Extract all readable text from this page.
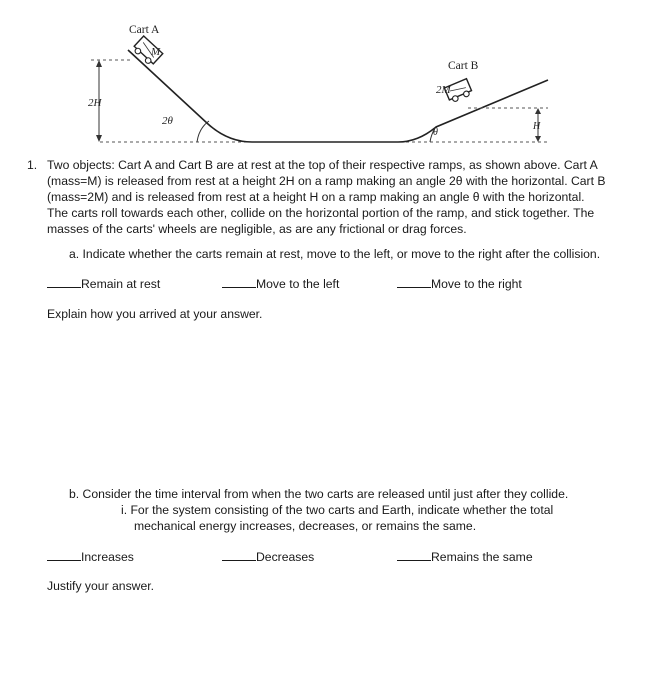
Cart A
M
Cart B
2M
2H
H
2θ
θ
1. Two objects: Cart A and Cart B are at rest at the top of their respective ramps, as shown above. Cart A
(mass=M) is released from rest at a height 2H on a ramp making an angle 2θ with the horizontal. Cart B
(mass=2M) and is released from rest at a height H on a ramp making an angle θ with the horizontal.
The carts roll towards each other, collide on the horizontal portion of the ramp, and stick together. The
masses of the carts' wheels are negligible, as are any frictional or drag forces.
a. Indicate whether the carts remain at rest, move to the left, or move to the right after the collision.
Remain at rest	Move to the left	Move to the right
Explain how you arrived at your answer.
b. Consider the time interval from when the two carts are released until just after they collide.
i. For the system consisting of the two carts and Earth, indicate whether the total
mechanical energy increases, decreases, or remains the same.
Increases	Decreases	Remains the same
Justify your answer.
